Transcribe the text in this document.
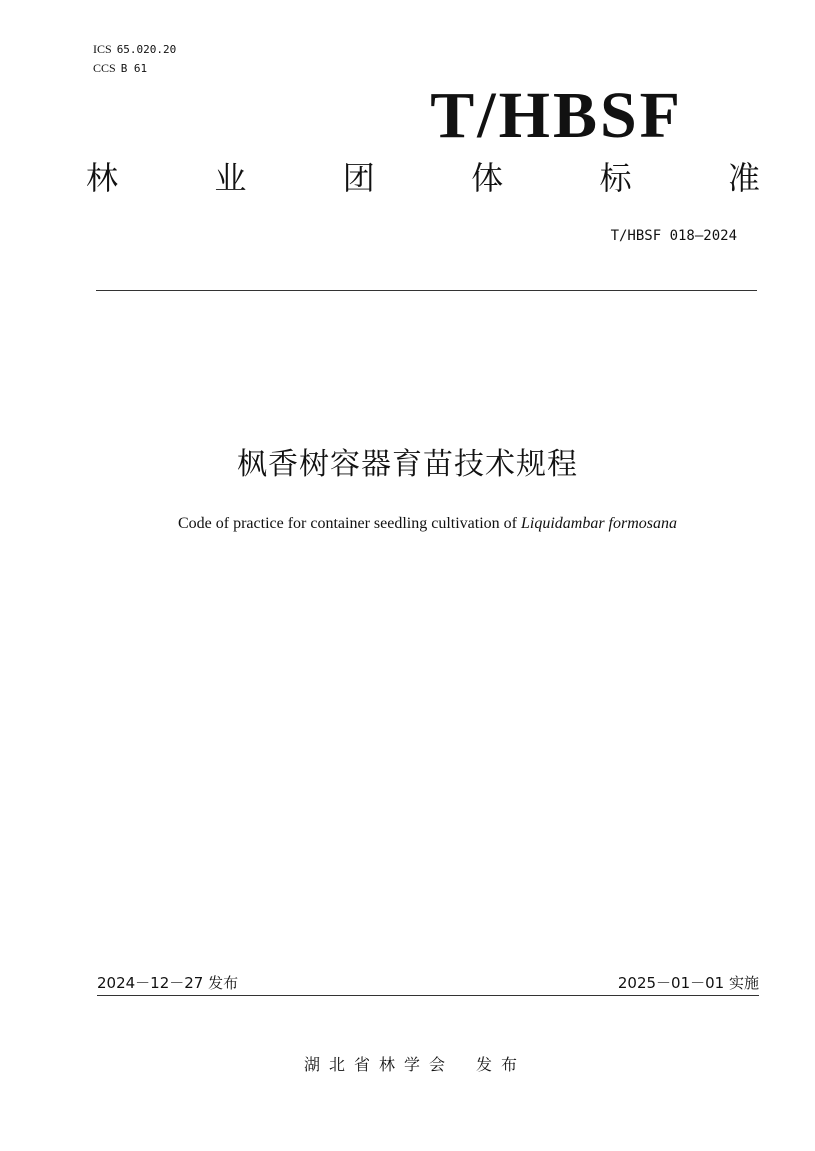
ICS 65.020.20
CCS B 61
T/HBSF
林	业	团	体	标	准
T/HBSF 018—2024
枫香树容器育苗技术规程
Code of practice for container seedling cultivation of Liquidambar formosana
2024－12－27 发布	2025－01－01 实施
湖北省林学会 发布
